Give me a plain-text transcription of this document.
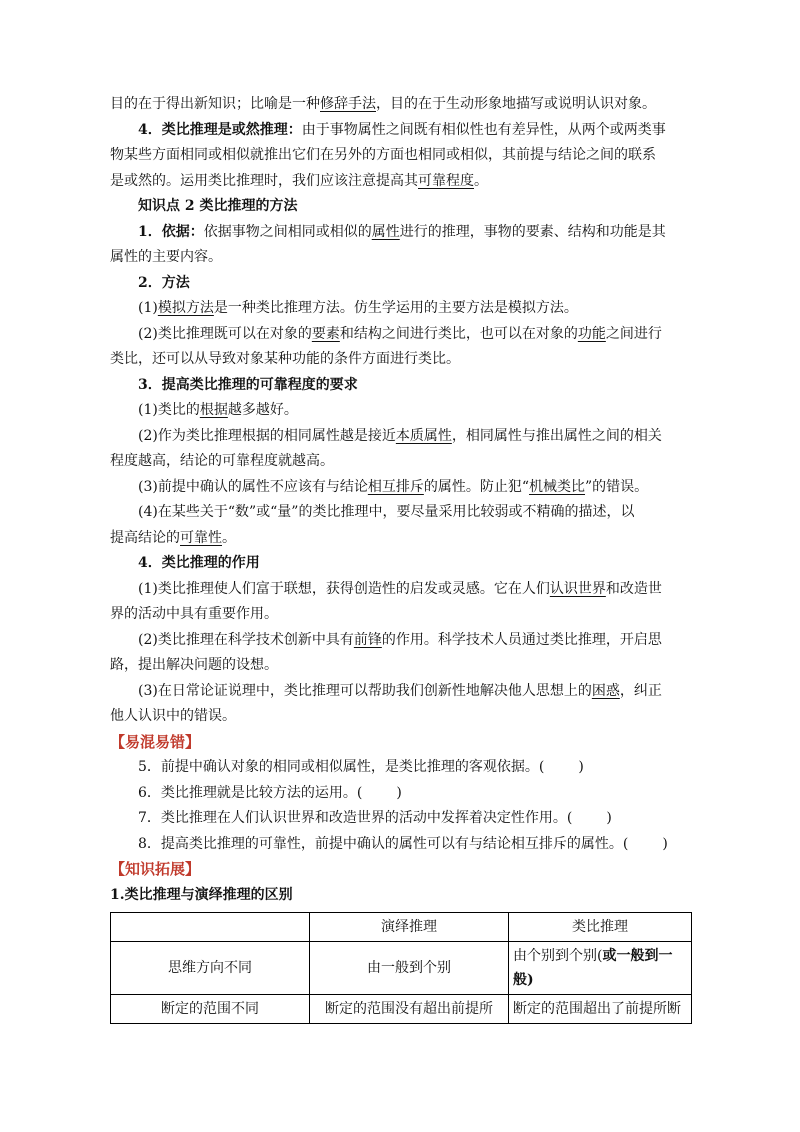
目的在于得出新知识；比喻是一种修辞手法，目的在于生动形象地描写或说明认识对象。
4．类比推理是或然推理：由于事物属性之间既有相似性也有差异性，从两个或两类事
物某些方面相同或相似就推出它们在另外的方面也相同或相似，其前提与结论之间的联系
是或然的。运用类比推理时，我们应该注意提高其可靠程度。
知识点 2 类比推理的方法
1．依据：依据事物之间相同或相似的属性进行的推理，事物的要素、结构和功能是其
属性的主要内容。
2．方法
(1)模拟方法是一种类比推理方法。仿生学运用的主要方法是模拟方法。
(2)类比推理既可以在对象的要素和结构之间进行类比，也可以在对象的功能之间进行
类比，还可以从导致对象某种功能的条件方面进行类比。
3．提高类比推理的可靠程度的要求
(1)类比的根据越多越好。
(2)作为类比推理根据的相同属性越是接近本质属性，相同属性与推出属性之间的相关
程度越高，结论的可靠程度就越高。
(3)前提中确认的属性不应该有与结论相互排斥的属性。防止犯“机械类比”的错误。
(4)在某些关于“数”或“量”的类比推理中，要尽量采用比较弱或不精确的描述，以
提高结论的可靠性。
4．类比推理的作用
(1)类比推理使人们富于联想，获得创造性的启发或灵感。它在人们认识世界和改造世
界的活动中具有重要作用。
(2)类比推理在科学技术创新中具有前锋的作用。科学技术人员通过类比推理，开启思
路，提出解决问题的设想。
(3)在日常论证说理中，类比推理可以帮助我们创新性地解决他人思想上的困惑，纠正
他人认识中的错误。
【易混易错】
5．前提中确认对象的相同或相似属性，是类比推理的客观依据。( )
6．类比推理就是比较方法的运用。( )
7．类比推理在人们认识世界和改造世界的活动中发挥着决定性作用。( )
8．提高类比推理的可靠性，前提中确认的属性可以有与结论相互排斥的属性。( )
【知识拓展】
1.类比推理与演绎推理的区别
	演绎推理	类比推理
思维方向不同	由一般到个别	由个别到个别(或一般到一
般)
断定的范围不同	断定的范围没有超出前提所	断定的范围超出了前提所断
